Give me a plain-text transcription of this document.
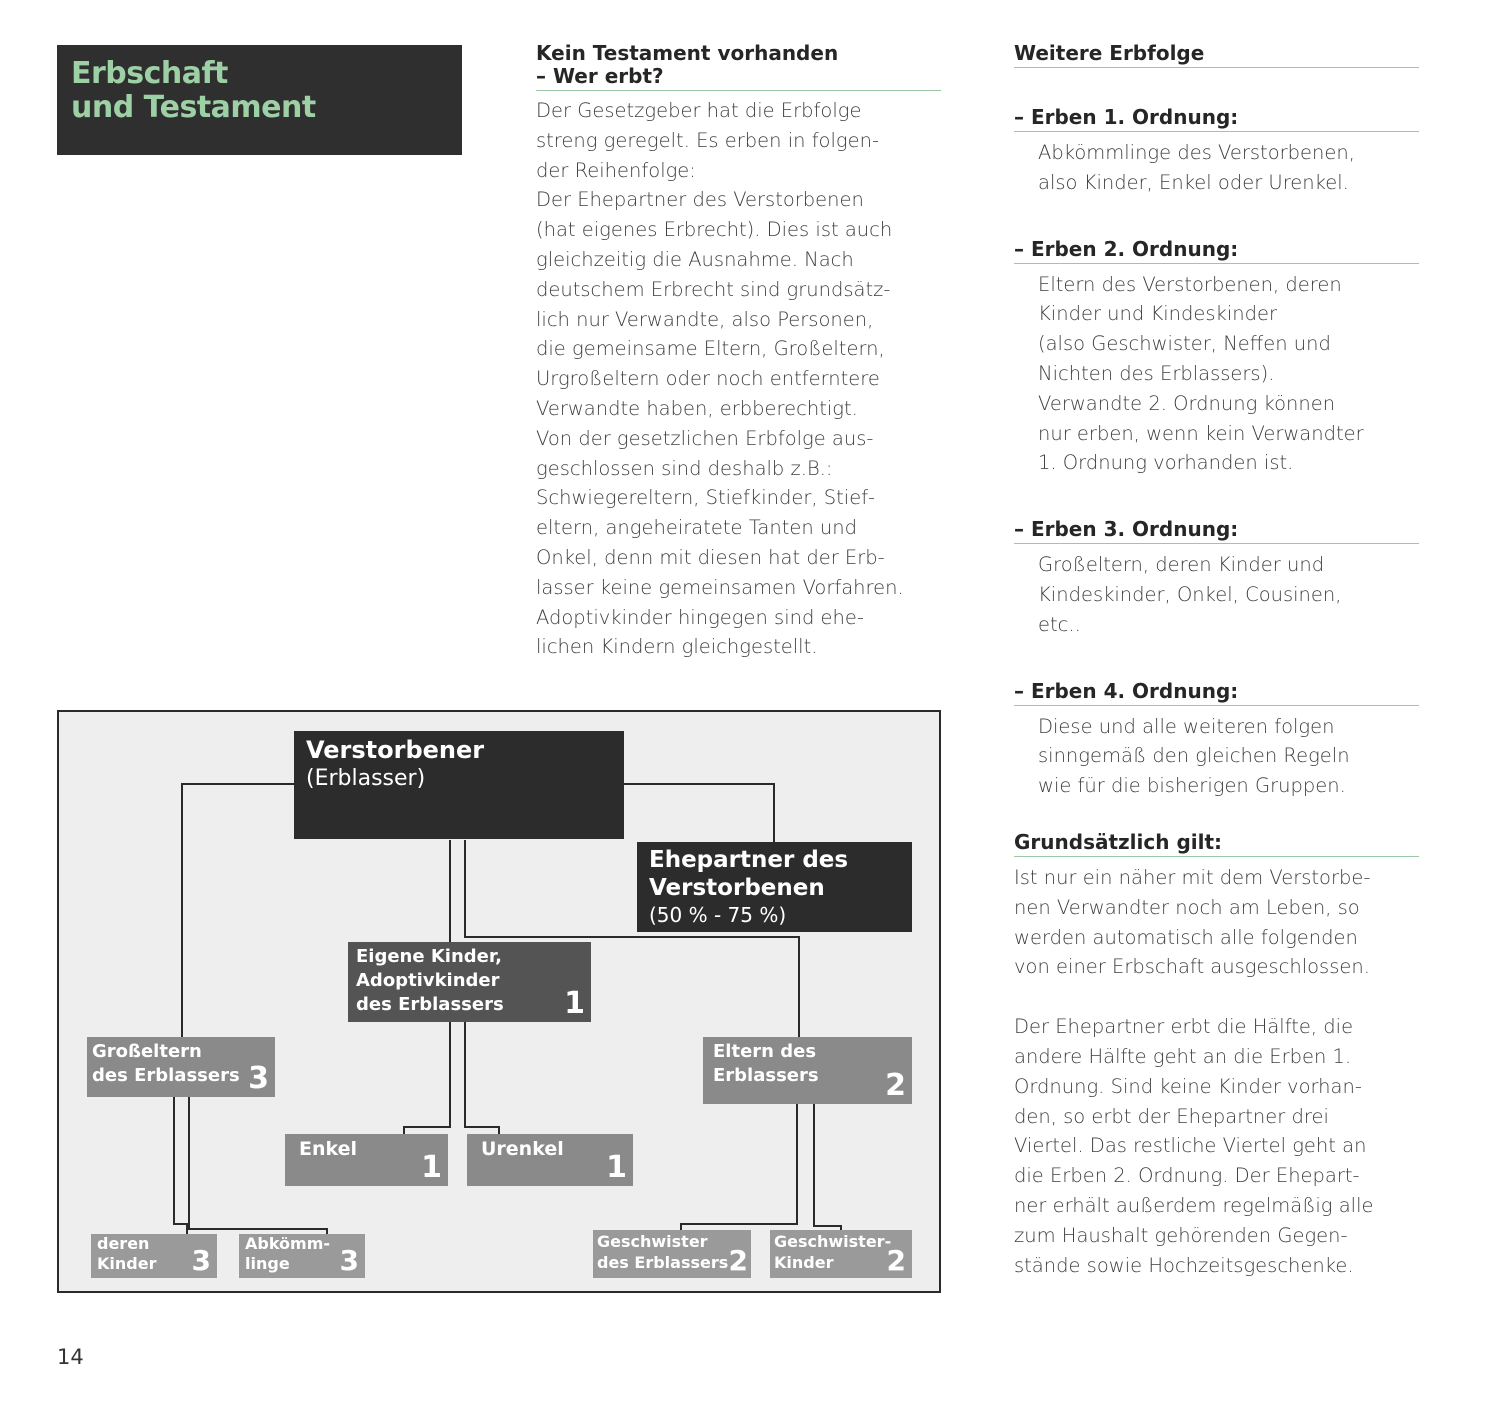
Erbschaft
und Testament
Kein Testament vorhanden
– Wer erbt?
Der Gesetzgeber hat die Erbfolge
streng geregelt. Es erben in folgen-
der Reihenfolge:
Der Ehepartner des Verstorbenen
(hat eigenes Erbrecht). Dies ist auch
gleichzeitig die Ausnahme. Nach
deutschem Erbrecht sind grundsätz-
lich nur Verwandte, also Personen,
die gemeinsame Eltern, Großeltern,
Urgroßeltern oder noch entferntere
Verwandte haben, erbberechtigt.
Von der gesetzlichen Erbfolge aus-
geschlossen sind deshalb z.B.:
Schwiegereltern, Stiefkinder, Stief-
eltern, angeheiratete Tanten und
Onkel, denn mit diesen hat der Erb-
lasser keine gemeinsamen Vorfahren.
Adoptivkinder hingegen sind ehe-
lichen Kindern gleichgestellt.
Weitere Erbfolge
– Erben 1. Ordnung:
Abkömmlinge des Verstorbenen,
also Kinder, Enkel oder Urenkel.
– Erben 2. Ordnung:
Eltern des Verstorbenen, deren
Kinder und Kindeskinder
(also Geschwister, Neffen und
Nichten des Erblassers).
Verwandte 2. Ordnung können
nur erben, wenn kein Verwandter
1. Ordnung vorhanden ist.
– Erben 3. Ordnung:
Großeltern, deren Kinder und
Kindeskinder, Onkel, Cousinen,
etc..
– Erben 4. Ordnung:
Diese und alle weiteren folgen
sinngemäß den gleichen Regeln
wie für die bisherigen Gruppen.
Grundsätzlich gilt:
Ist nur ein näher mit dem Verstorbe-
nen Verwandter noch am Leben, so
werden automatisch alle folgenden
von einer Erbschaft ausgeschlossen.
Der Ehepartner erbt die Hälfte, die
andere Hälfte geht an die Erben 1.
Ordnung. Sind keine Kinder vorhan-
den, so erbt der Ehepartner drei
Viertel. Das restliche Viertel geht an
die Erben 2. Ordnung. Der Ehepart-
ner erhält außerdem regelmäßig alle
zum Haushalt gehörenden Gegen-
stände sowie Hochzeitsgeschenke.
Verstorbener
(Erblasser)
Ehepartner des
Verstorbenen
(50 % - 75 %)
Eigene Kinder,
Adoptivkinder
des Erblassers	1
Großeltern
des Erblassers 3
Eltern des
Erblassers	2
Enkel
1
Urenkel
1
deren
Kinder	3
Abkömm-
linge	3
Geschwister
des Erblassers 2
Geschwister-
Kinder	2
14
